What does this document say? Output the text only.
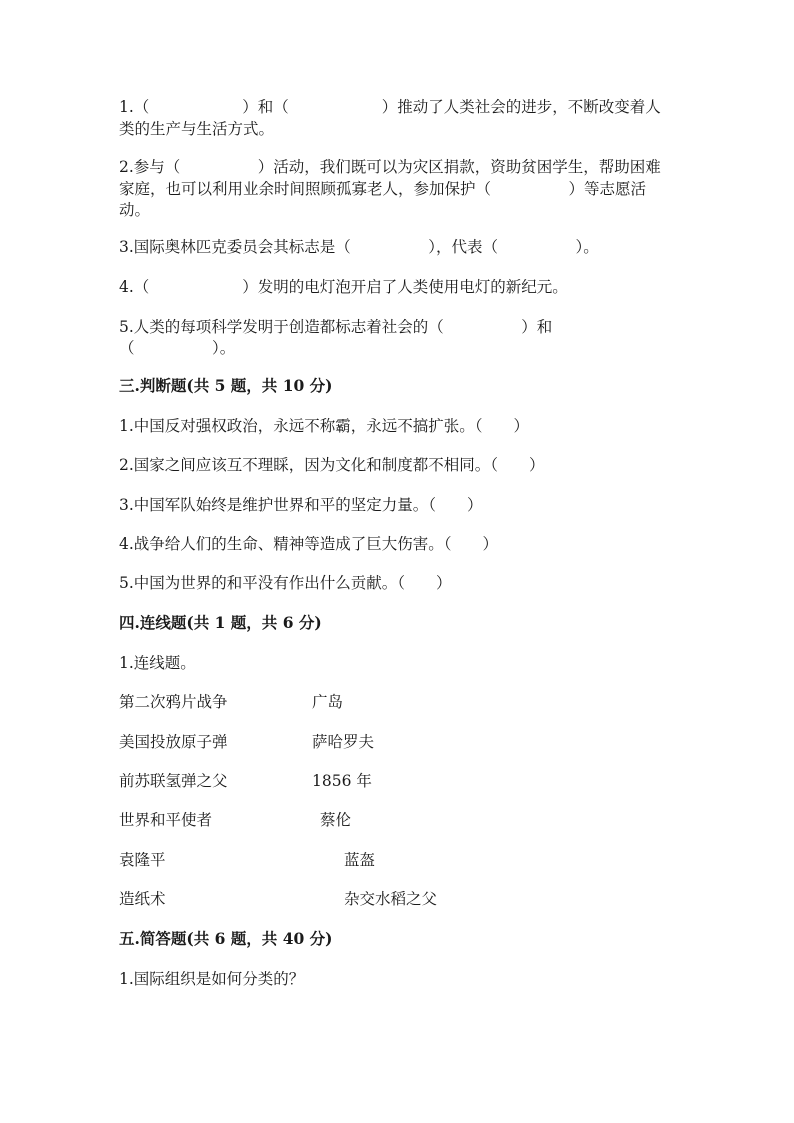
1.（　　　　　　）和（　　　　　　）推动了人类社会的进步，不断改变着人
类的生产与生活方式。
2.参与（　　　　　）活动，我们既可以为灾区捐款，资助贫困学生，帮助困难
家庭，也可以利用业余时间照顾孤寡老人，参加保护（　　　　　）等志愿活
动。
3.国际奥林匹克委员会其标志是（　　　　　），代表（　　　　　）。
4.（　　　　　　）发明的电灯泡开启了人类使用电灯的新纪元。
5.人类的每项科学发明于创造都标志着社会的（　　　　　）和
（　　　　　）。
三.判断题(共 5 题，共 10 分)
1.中国反对强权政治，永远不称霸，永远不搞扩张。（　　）
2.国家之间应该互不理睬，因为文化和制度都不相同。（　　）
3.中国军队始终是维护世界和平的坚定力量。（　　）
4.战争给人们的生命、精神等造成了巨大伤害。（　　）
5.中国为世界的和平没有作出什么贡献。（　　）
四.连线题(共 1 题，共 6 分)
1.连线题。
第二次鸦片战争	广岛
美国投放原子弹	萨哈罗夫
前苏联氢弹之父	1856 年
世界和平使者	蔡伦
袁隆平	蓝盔
造纸术	杂交水稻之父
五.简答题(共 6 题，共 40 分)
1.国际组织是如何分类的？
